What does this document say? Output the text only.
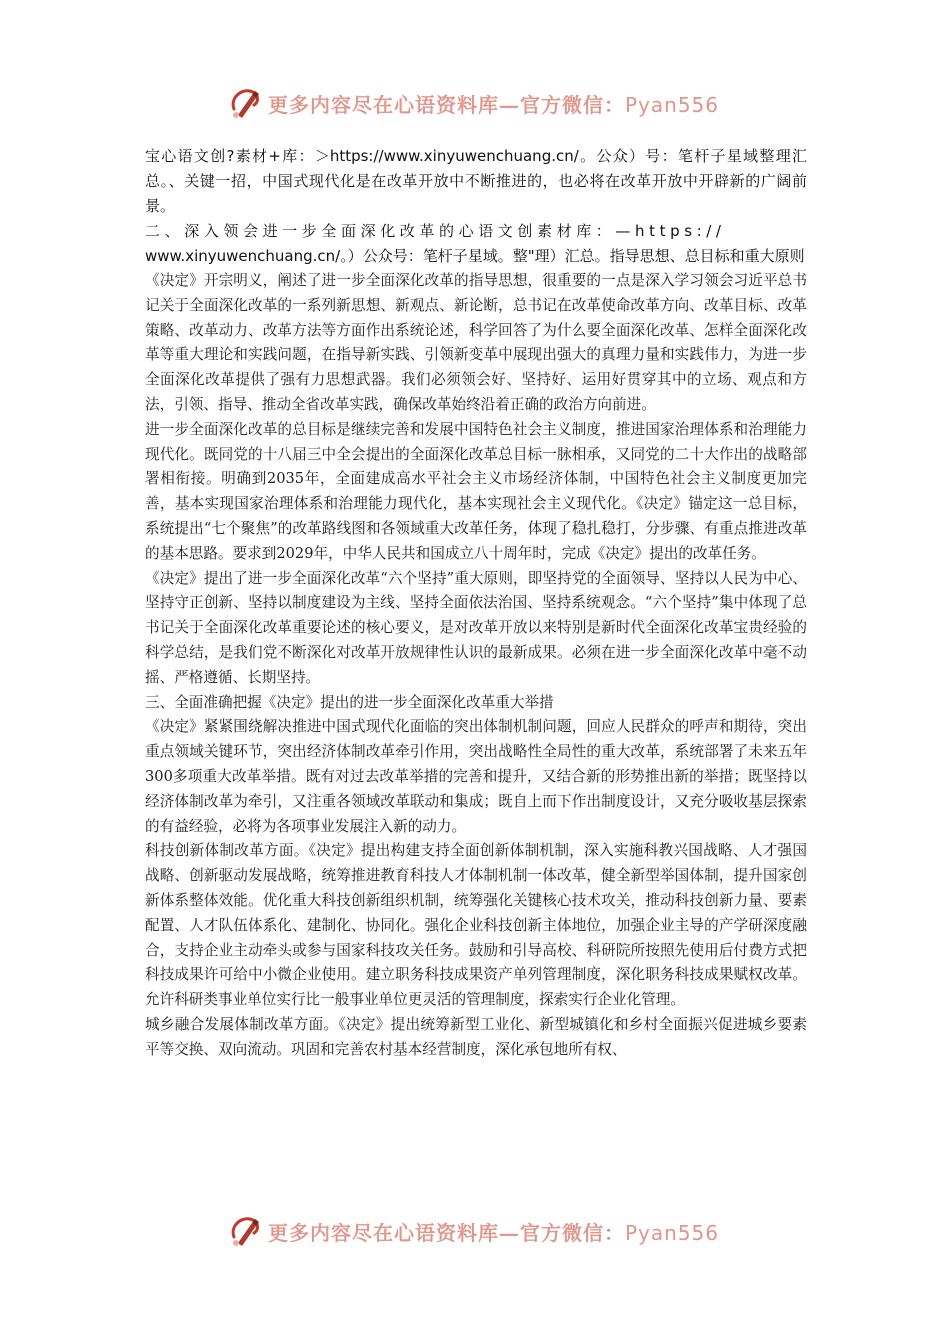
更多内容尽在心语资料库—官方微信：Pyan556

宝心语文创?素材+库：＞https://www.xinyuwenchuang.cn/。公众）号：笔杆子星域整理汇总。、关键一招，中国式现代化是在改革开放中不断推进的，也必将在改革开放中开辟新的广阔前景。

二、深入领会进一步全面深化改革的心语文创素材库：—https://

www.xinyuwenchuang.cn/。）公众号：笔杆子星域。整"理）汇总。指导思想、总目标和重大原则

《决定》开宗明义，阐述了进一步全面深化改革的指导思想，很重要的一点是深入学习领会习近平总书记关于全面深化改革的一系列新思想、新观点、新论断，总书记在改革使命改革方向、改革目标、改革策略、改革动力、改革方法等方面作出系统论述，科学回答了为什么要全面深化改革、怎样全面深化改革等重大理论和实践问题，在指导新实践、引领新变革中展现出强大的真理力量和实践伟力，为进一步全面深化改革提供了强有力思想武器。我们必须领会好、坚持好、运用好贯穿其中的立场、观点和方法，引领、指导、推动全省改革实践，确保改革始终沿着正确的政治方向前进。

进一步全面深化改革的总目标是继续完善和发展中国特色社会主义制度，推进国家治理体系和治理能力现代化。既同党的十八届三中全会提出的全面深化改革总目标一脉相承，又同党的二十大作出的战略部署相衔接。明确到2035年，全面建成高水平社会主义市场经济体制，中国特色社会主义制度更加完善，基本实现国家治理体系和治理能力现代化，基本实现社会主义现代化。《决定》锚定这一总目标，系统提出“七个聚焦”的改革路线图和各领域重大改革任务，体现了稳扎稳打，分步骤、有重点推进改革的基本思路。要求到2029年，中华人民共和国成立八十周年时，完成《决定》提出的改革任务。

《决定》提出了进一步全面深化改革“六个坚持”重大原则，即坚持党的全面领导、坚持以人民为中心、坚持守正创新、坚持以制度建设为主线、坚持全面依法治国、坚持系统观念。“六个坚持”集中体现了总书记关于全面深化改革重要论述的核心要义，是对改革开放以来特别是新时代全面深化改革宝贵经验的科学总结，是我们党不断深化对改革开放规律性认识的最新成果。必须在进一步全面深化改革中毫不动摇、严格遵循、长期坚持。

三、全面准确把握《决定》提出的进一步全面深化改革重大举措

《决定》紧紧围绕解决推进中国式现代化面临的突出体制机制问题，回应人民群众的呼声和期待，突出重点领域关键环节，突出经济体制改革牵引作用，突出战略性全局性的重大改革，系统部署了未来五年300多项重大改革举措。既有对过去改革举措的完善和提升，又结合新的形势推出新的举措；既坚持以经济体制改革为牵引，又注重各领域改革联动和集成；既自上而下作出制度设计，又充分吸收基层探索的有益经验，必将为各项事业发展注入新的动力。

科技创新体制改革方面。《决定》提出构建支持全面创新体制机制，深入实施科教兴国战略、人才强国战略、创新驱动发展战略，统筹推进教育科技人才体制机制一体改革，健全新型举国体制，提升国家创新体系整体效能。优化重大科技创新组织机制，统筹强化关键核心技术攻关，推动科技创新力量、要素配置、人才队伍体系化、建制化、协同化。强化企业科技创新主体地位，加强企业主导的产学研深度融合，支持企业主动牵头或参与国家科技攻关任务。鼓励和引导高校、科研院所按照先使用后付费方式把科技成果许可给中小微企业使用。建立职务科技成果资产单列管理制度，深化职务科技成果赋权改革。允许科研类事业单位实行比一般事业单位更灵活的管理制度，探索实行企业化管理。

城乡融合发展体制改革方面。《决定》提出统筹新型工业化、新型城镇化和乡村全面振兴促进城乡要素平等交换、双向流动。巩固和完善农村基本经营制度，深化承包地所有权、

更多内容尽在心语资料库—官方微信：Pyan556
